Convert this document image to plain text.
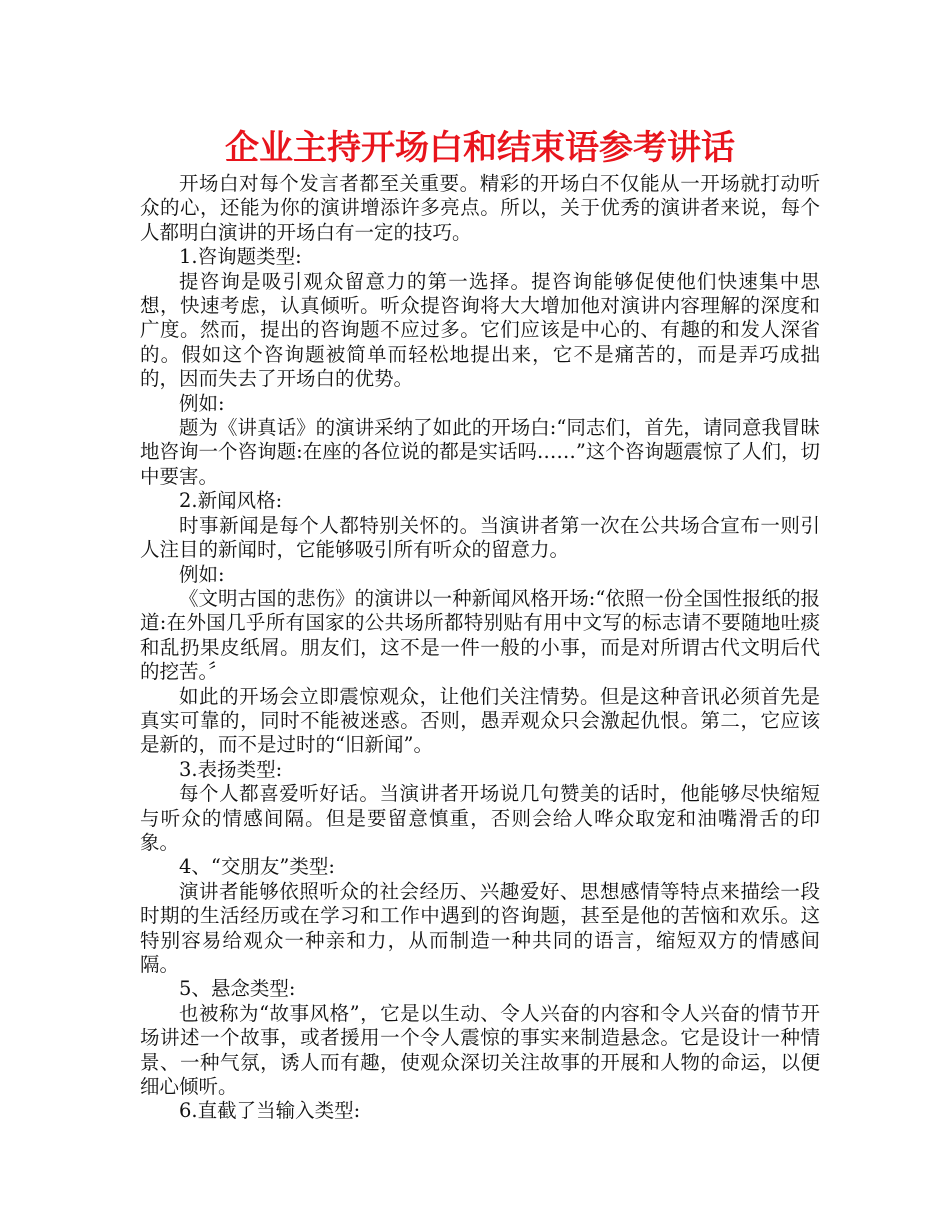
企业主持开场白和结束语参考讲话

开场白对每个发言者都至关重要。精彩的开场白不仅能从一开场就打动听众的心，还能为你的演讲增添许多亮点。所以，关于优秀的演讲者来说，每个人都明白演讲的开场白有一定的技巧。

1.咨询题类型:

提咨询是吸引观众留意力的第一选择。提咨询能够促使他们快速集中思想，快速考虑，认真倾听。听众提咨询将大大增加他对演讲内容理解的深度和广度。然而，提出的咨询题不应过多。它们应该是中心的、有趣的和发人深省的。假如这个咨询题被简单而轻松地提出来，它不是痛苦的，而是弄巧成拙的，因而失去了开场白的优势。

例如:

题为《讲真话》的演讲采纳了如此的开场白:“同志们，首先，请同意我冒昧地咨询一个咨询题:在座的各位说的都是实话吗……”这个咨询题震惊了人们，切中要害。

2.新闻风格:

时事新闻是每个人都特别关怀的。当演讲者第一次在公共场合宣布一则引人注目的新闻时，它能够吸引所有听众的留意力。

例如:

《文明古国的悲伤》的演讲以一种新闻风格开场:“依照一份全国性报纸的报道:在外国几乎所有国家的公共场所都特别贴有用中文写的标志请不要随地吐痰和乱扔果皮纸屑。朋友们，这不是一件一般的小事，而是对所谓古代文明后代的挖苦。〞

如此的开场会立即震惊观众，让他们关注情势。但是这种音讯必须首先是真实可靠的，同时不能被迷惑。否则，愚弄观众只会激起仇恨。第二，它应该是新的，而不是过时的“旧新闻”。

3.表扬类型:

每个人都喜爱听好话。当演讲者开场说几句赞美的话时，他能够尽快缩短与听众的情感间隔。但是要留意慎重，否则会给人哗众取宠和油嘴滑舌的印象。

4、“交朋友”类型:

演讲者能够依照听众的社会经历、兴趣爱好、思想感情等特点来描绘一段时期的生活经历或在学习和工作中遇到的咨询题，甚至是他的苦恼和欢乐。这特别容易给观众一种亲和力，从而制造一种共同的语言，缩短双方的情感间隔。

5、悬念类型:

也被称为“故事风格”，它是以生动、令人兴奋的内容和令人兴奋的情节开场讲述一个故事，或者援用一个令人震惊的事实来制造悬念。它是设计一种情景、一种气氛，诱人而有趣，使观众深切关注故事的开展和人物的命运，以便细心倾听。

6.直截了当输入类型:
